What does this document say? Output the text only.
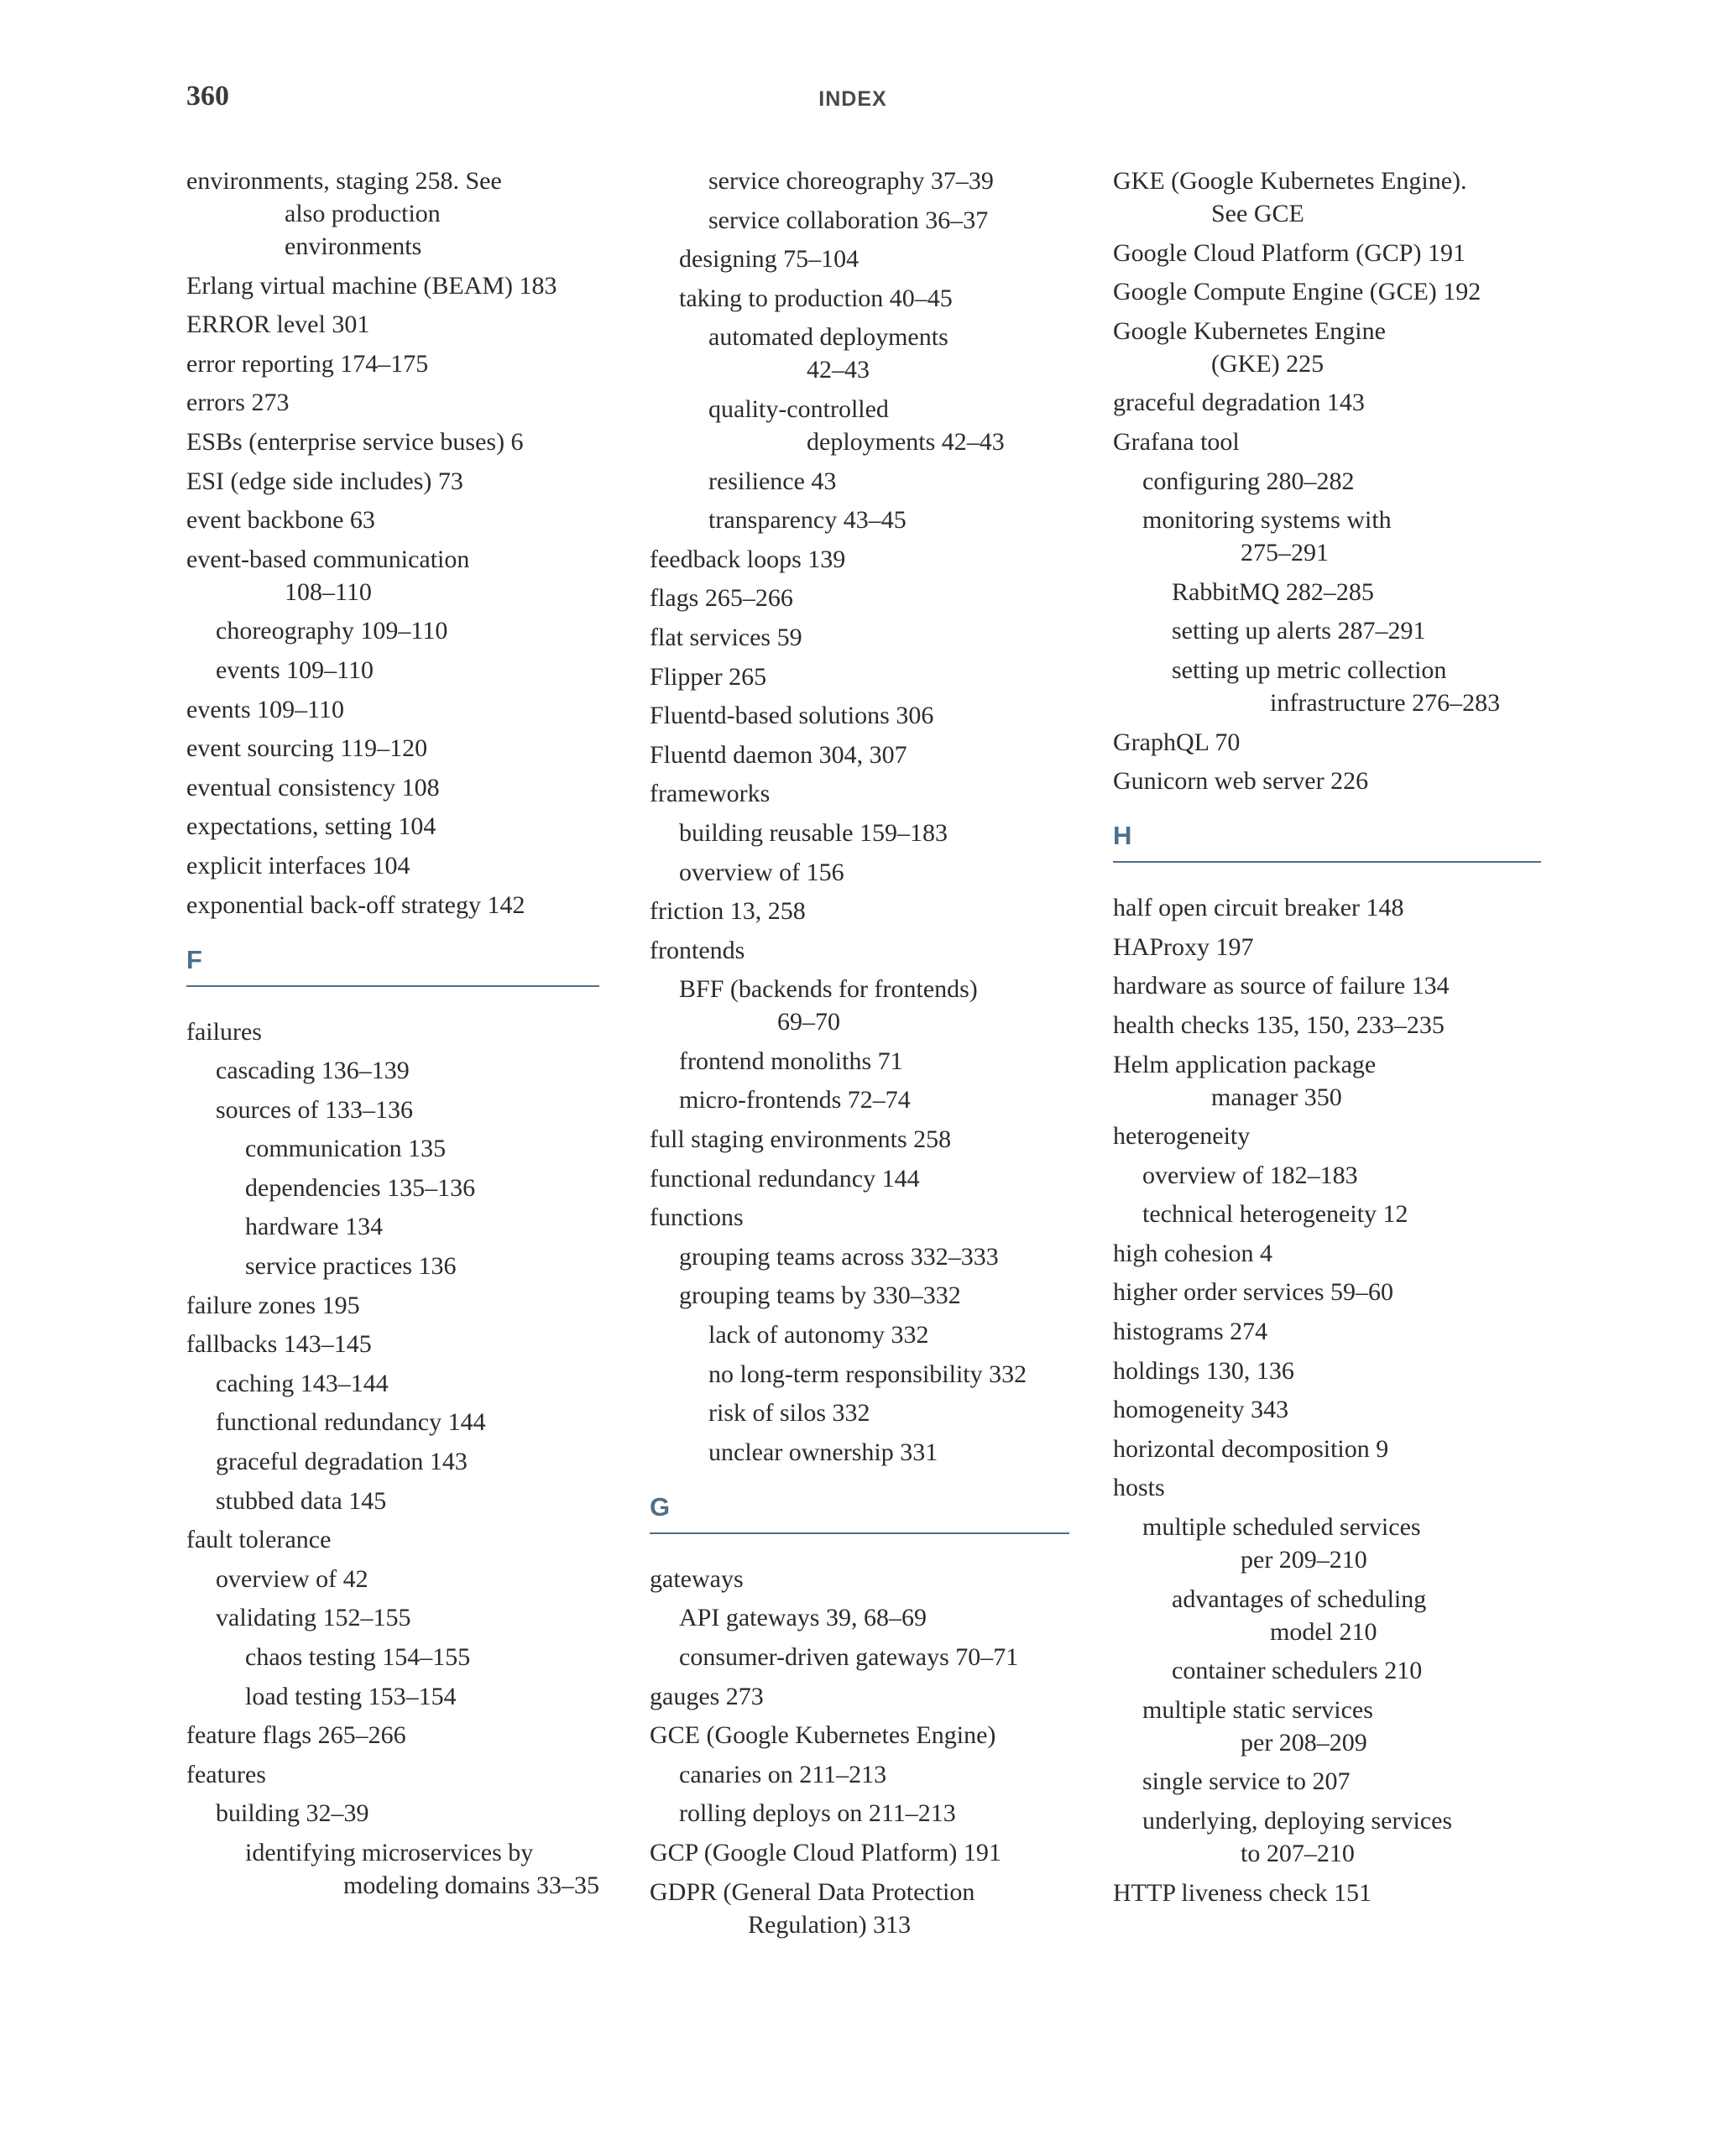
360	INDEX
environments, staging 258. See
also production
environments
Erlang virtual machine (BEAM) 183
ERROR level 301
error reporting 174–175
errors 273
ESBs (enterprise service buses) 6
ESI (edge side includes) 73
event backbone 63
event-based communication
108–110
choreography 109–110
events 109–110
events 109–110
event sourcing 119–120
eventual consistency 108
expectations, setting 104
explicit interfaces 104
exponential back-off strategy 142
F
failures
cascading 136–139
sources of 133–136
communication 135
dependencies 135–136
hardware 134
service practices 136
failure zones 195
fallbacks 143–145
caching 143–144
functional redundancy 144
graceful degradation 143
stubbed data 145
fault tolerance
overview of 42
validating 152–155
chaos testing 154–155
load testing 153–154
feature flags 265–266
features
building 32–39
identifying microservices by
modeling domains 33–35
service choreography 37–39
service collaboration 36–37
designing 75–104
taking to production 40–45
automated deployments
42–43
quality-controlled
deployments 42–43
resilience 43
transparency 43–45
feedback loops 139
flags 265–266
flat services 59
Flipper 265
Fluentd-based solutions 306
Fluentd daemon 304, 307
frameworks
building reusable 159–183
overview of 156
friction 13, 258
frontends
BFF (backends for frontends)
69–70
frontend monoliths 71
micro-frontends 72–74
full staging environments 258
functional redundancy 144
functions
grouping teams across 332–333
grouping teams by 330–332
lack of autonomy 332
no long-term responsibility 332
risk of silos 332
unclear ownership 331
G
gateways
API gateways 39, 68–69
consumer-driven gateways 70–71
gauges 273
GCE (Google Kubernetes Engine)
canaries on 211–213
rolling deploys on 211–213
GCP (Google Cloud Platform) 191
GDPR (General Data Protection
Regulation) 313
GKE (Google Kubernetes Engine).
See GCE
Google Cloud Platform (GCP) 191
Google Compute Engine (GCE) 192
Google Kubernetes Engine
(GKE) 225
graceful degradation 143
Grafana tool
configuring 280–282
monitoring systems with
275–291
RabbitMQ 282–285
setting up alerts 287–291
setting up metric collection
infrastructure 276–283
GraphQL 70
Gunicorn web server 226
H
half open circuit breaker 148
HAProxy 197
hardware as source of failure 134
health checks 135, 150, 233–235
Helm application package
manager 350
heterogeneity
overview of 182–183
technical heterogeneity 12
high cohesion 4
higher order services 59–60
histograms 274
holdings 130, 136
homogeneity 343
horizontal decomposition 9
hosts
multiple scheduled services
per 209–210
advantages of scheduling
model 210
container schedulers 210
multiple static services
per 208–209
single service to 207
underlying, deploying services
to 207–210
HTTP liveness check 151
